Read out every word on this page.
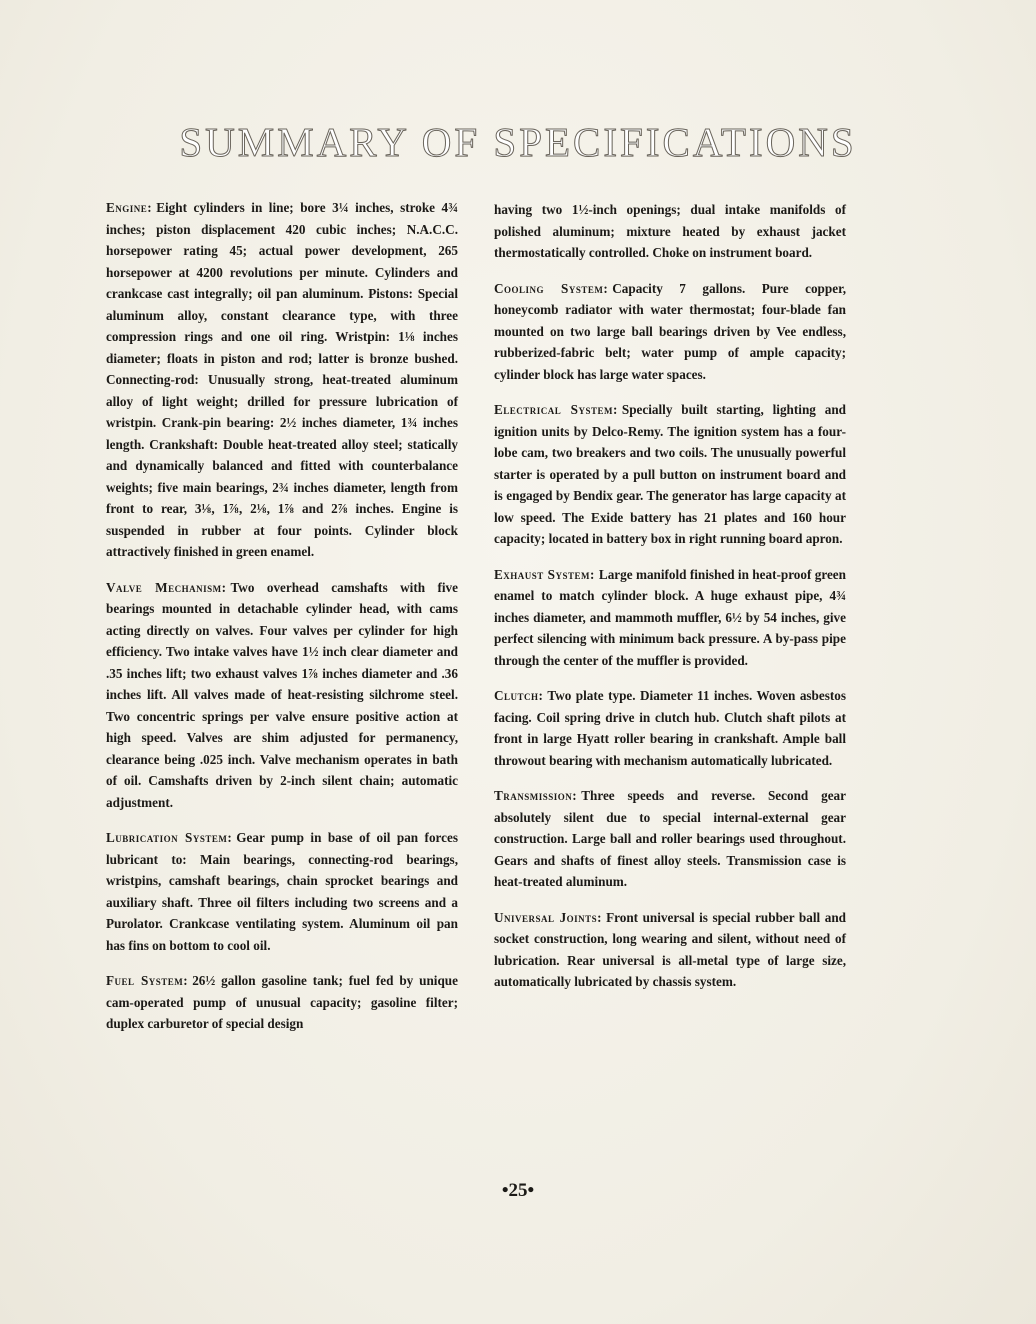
SUMMARY OF SPECIFICATIONS

Engine: Eight cylinders in line; bore 3¼ inches, stroke 4¾ inches; piston displacement 420 cubic inches; N.A.C.C. horsepower rating 45; actual power development, 265 horsepower at 4200 revolutions per minute. Cylinders and crankcase cast integrally; oil pan aluminum. Pistons: Special aluminum alloy, constant clearance type, with three compression rings and one oil ring. Wristpin: 1⅛ inches diameter; floats in piston and rod; latter is bronze bushed. Connecting-rod: Unusually strong, heat-treated aluminum alloy of light weight; drilled for pressure lubrication of wristpin. Crank-pin bearing: 2½ inches diameter, 1¾ inches length. Crankshaft: Double heat-treated alloy steel; statically and dynamically balanced and fitted with counterbalance weights; five main bearings, 2¾ inches diameter, length from front to rear, 3⅛, 1⅞, 2⅛, 1⅞ and 2⅞ inches. Engine is suspended in rubber at four points. Cylinder block attractively finished in green enamel.

Valve Mechanism: Two overhead camshafts with five bearings mounted in detachable cylinder head, with cams acting directly on valves. Four valves per cylinder for high efficiency. Two intake valves have 1½ inch clear diameter and .35 inches lift; two exhaust valves 1⅞ inches diameter and .36 inches lift. All valves made of heat-resisting silchrome steel. Two concentric springs per valve ensure positive action at high speed. Valves are shim adjusted for permanency, clearance being .025 inch. Valve mechanism operates in bath of oil. Camshafts driven by 2-inch silent chain; automatic adjustment.

Lubrication System: Gear pump in base of oil pan forces lubricant to: Main bearings, connecting-rod bearings, wristpins, camshaft bearings, chain sprocket bearings and auxiliary shaft. Three oil filters including two screens and a Purolator. Crankcase ventilating system. Aluminum oil pan has fins on bottom to cool oil.

Fuel System: 26½ gallon gasoline tank; fuel fed by unique cam-operated pump of unusual capacity; gasoline filter; duplex carburetor of special design

having two 1½-inch openings; dual intake manifolds of polished aluminum; mixture heated by exhaust jacket thermostatically controlled. Choke on instrument board.

Cooling System: Capacity 7 gallons. Pure copper, honeycomb radiator with water thermostat; four-blade fan mounted on two large ball bearings driven by Vee endless, rubberized-fabric belt; water pump of ample capacity; cylinder block has large water spaces.

Electrical System: Specially built starting, lighting and ignition units by Delco-Remy. The ignition system has a four-lobe cam, two breakers and two coils. The unusually powerful starter is operated by a pull button on instrument board and is engaged by Bendix gear. The generator has large capacity at low speed. The Exide battery has 21 plates and 160 hour capacity; located in battery box in right running board apron.

Exhaust System: Large manifold finished in heat-proof green enamel to match cylinder block. A huge exhaust pipe, 4¾ inches diameter, and mammoth muffler, 6½ by 54 inches, give perfect silencing with minimum back pressure. A by-pass pipe through the center of the muffler is provided.

Clutch: Two plate type. Diameter 11 inches. Woven asbestos facing. Coil spring drive in clutch hub. Clutch shaft pilots at front in large Hyatt roller bearing in crankshaft. Ample ball throwout bearing with mechanism automatically lubricated.

Transmission: Three speeds and reverse. Second gear absolutely silent due to special internal-external gear construction. Large ball and roller bearings used throughout. Gears and shafts of finest alloy steels. Transmission case is heat-treated aluminum.

Universal Joints: Front universal is special rubber ball and socket construction, long wearing and silent, without need of lubrication. Rear universal is all-metal type of large size, automatically lubricated by chassis system.

•25•
